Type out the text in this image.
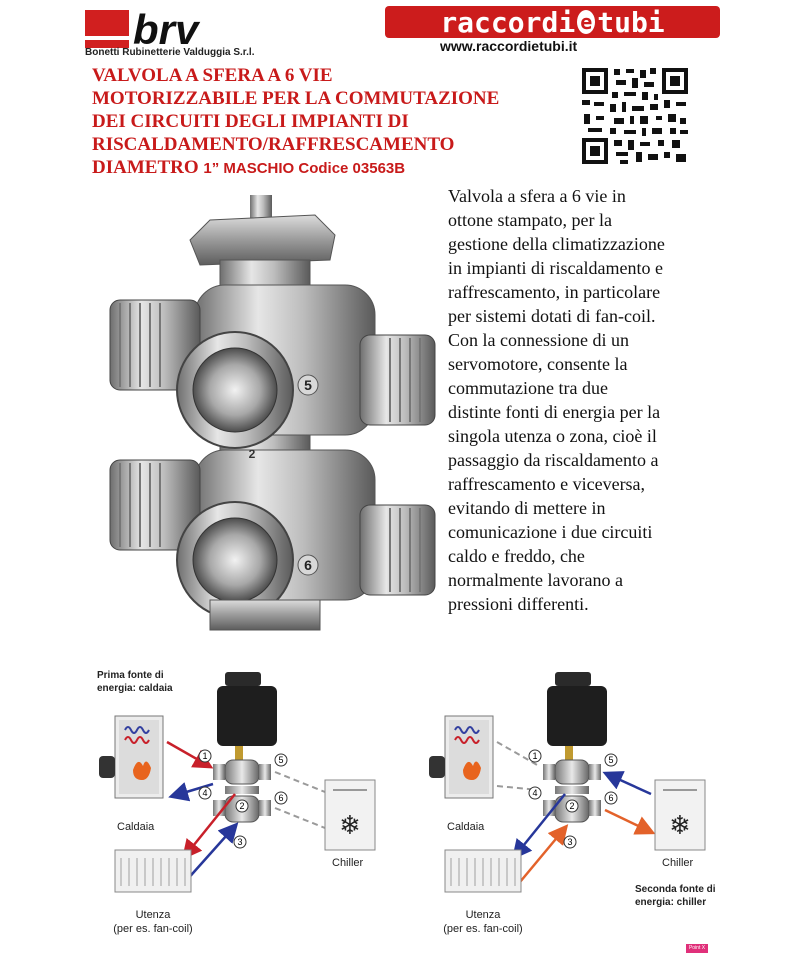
brv
Bonetti Rubinetterie Valduggia S.r.l.
raccordi e tubi
www.raccordietubi.it
VALVOLA A SFERA A 6 VIE
MOTORIZZABILE PER LA COMMUTAZIONE
DEI CIRCUITI DEGLI IMPIANTI DI
RISCALDAMENTO/RAFFRESCAMENTO
DIAMETRO 1” MASCHIO Codice 03563B
5
6
2
Valvola a sfera a 6 vie in
ottone stampato, per la
gestione della climatizzazione
in impianti di riscaldamento e
raffrescamento, in particolare
per sistemi dotati di fan-coil.
Con la connessione di un
servomotore, consente la
commutazione tra due
distinte fonti di energia per la
singola utenza o zona, cioè il
passaggio da riscaldamento a
raffrescamento e viceversa,
evitando di mettere in
comunicazione i due circuiti
caldo e freddo, che
normalmente lavorano a
pressioni differenti.
Prima fonte di
energia: caldaia
Caldaia
1
2
3
4
5
6
❄
Chiller
Utenza
(per es. fan-coil)
Caldaia
1
2
3
4
5
6
❄
Chiller
Seconda fonte di
energia: chiller
Utenza
(per es. fan-coil)
Point X Site
